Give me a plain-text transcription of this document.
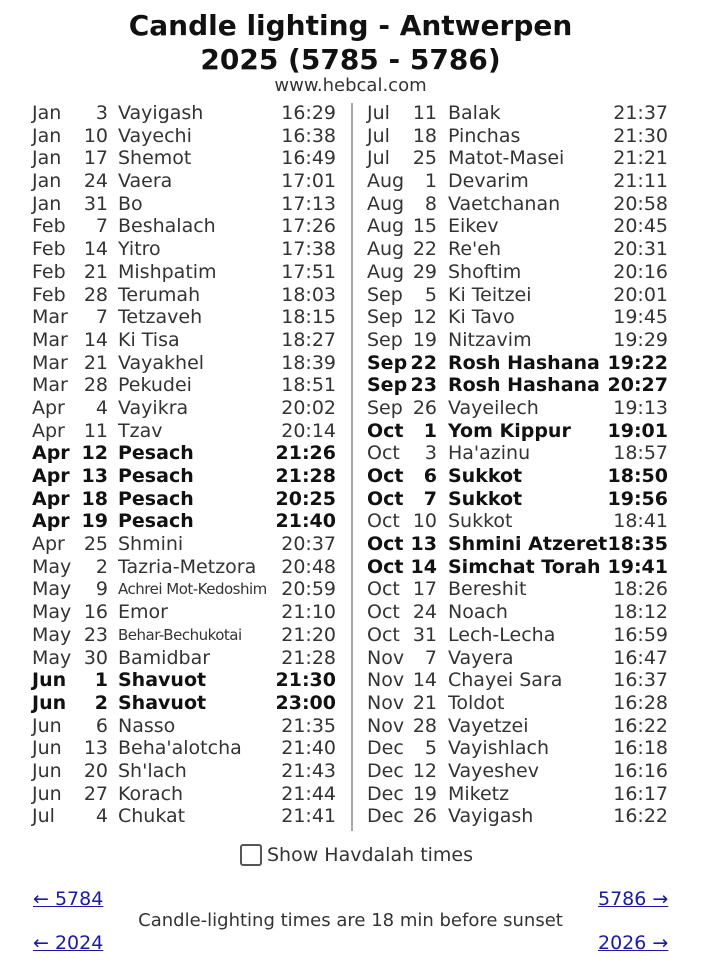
Candle lighting - Antwerpen
2025 (5785 - 5786)
www.hebcal.com
Jan	3 Vayigash	16:29
Jan	10 Vayechi	16:38
Jan	17 Shemot	16:49
Jan	24 Vaera	17:01
Jan	31 Bo	17:13
Feb	7 Beshalach	17:26
Feb 14 Yitro	17:38
Feb 21 Mishpatim	17:51
Feb 28 Terumah	18:03
Mar	7 Tetzaveh	18:15
Mar 14 Ki Tisa	18:27
Mar 21 Vayakhel	18:39
Mar 28 Pekudei	18:51
Apr	4 Vayikra	20:02
Apr 11 Tzav	20:14
Apr 12 Pesach	21:26
Apr 13 Pesach	21:28
Apr 18 Pesach	20:25
Apr 19 Pesach	21:40
Apr 25 Shmini	20:37
May	2 Tazria-Metzora	20:48
May	9 Achrei Mot-Kedoshim 20:59
May 16 Emor	21:10
May 23 Behar-Bechukotai	21:20
May 30 Bamidbar	21:28
Jun	1 Shavuot	21:30
Jun	2 Shavuot	23:00
Jun	6 Nasso	21:35
Jun	13 Beha'alotcha	21:40
Jun	20 Sh'lach	21:43
Jun	27 Korach	21:44
Jul	4 Chukat	21:41
Jul	11 Balak	21:37
Jul	18 Pinchas	21:30
Jul	25 Matot-Masei	21:21
Aug	1 Devarim	21:11
Aug	8 Vaetchanan	20:58
Aug 15 Eikev	20:45
Aug 22 Re'eh	20:31
Aug 29 Shoftim	20:16
Sep	5 Ki Teitzei	20:01
Sep 12 Ki Tavo	19:45
Sep 19 Nitzavim	19:29
Sep 22 Rosh Hashana 19:22
Sep 23 Rosh Hashana 20:27
Sep 26 Vayeilech	19:13
Oct	1 Yom Kippur 19:01
Oct	3 Ha'azinu	18:57
Oct	6 Sukkot	18:50
Oct	7 Sukkot	19:56
Oct 10 Sukkot	18:41
Oct 13 Shmini Atzeret 18:35
Oct 14 Simchat Torah 19:41
Oct 17 Bereshit	18:26
Oct 24 Noach	18:12
Oct 31 Lech-Lecha	16:59
Nov	7 Vayera	16:47
Nov 14 Chayei Sara	16:37
Nov 21 Toldot	16:28
Nov 28 Vayetzei	16:22
Dec	5 Vayishlach	16:18
Dec 12 Vayeshev	16:16
Dec 19 Miketz	16:17
Dec 26 Vayigash	16:22
Show Havdalah times
← 5784
← 2024
5786 →
2026 →
Candle-lighting times are 18 min before sunset
